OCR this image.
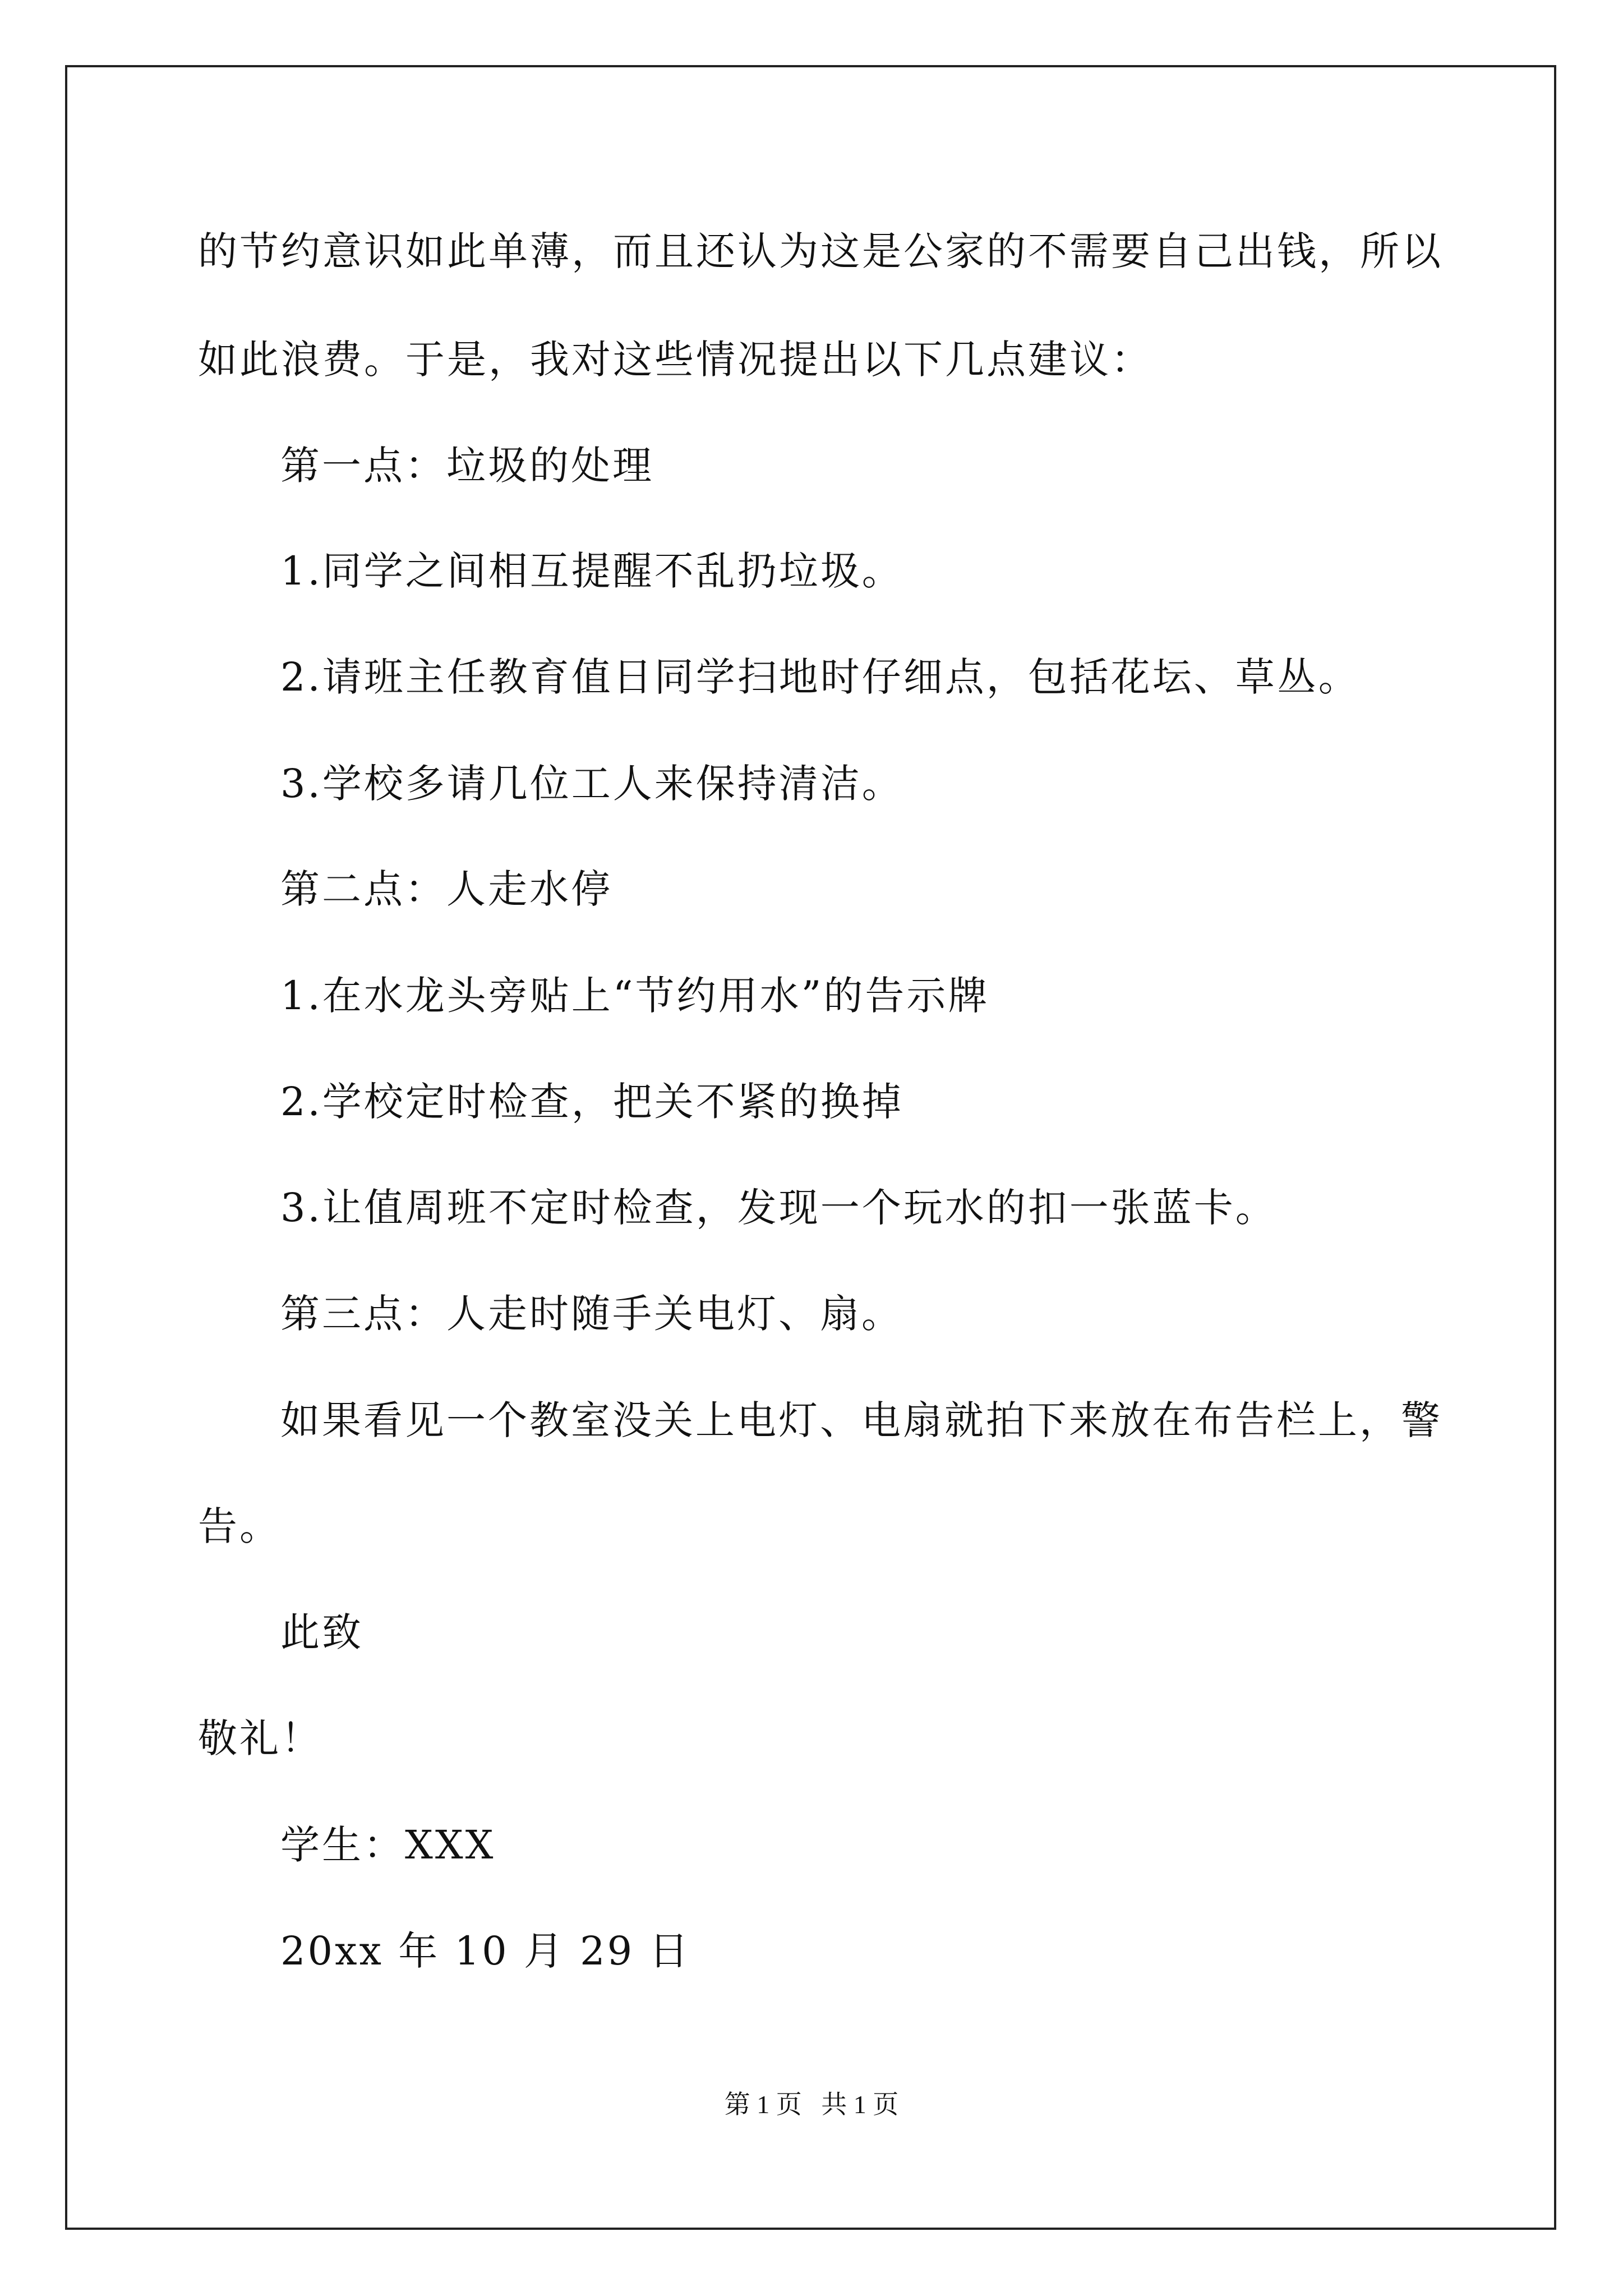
的节约意识如此单薄，而且还认为这是公家的不需要自己出钱，所以
如此浪费。于是，我对这些情况提出以下几点建议：
第一点：垃圾的处理
1.同学之间相互提醒不乱扔垃圾。
2.请班主任教育值日同学扫地时仔细点，包括花坛、草丛。
3.学校多请几位工人来保持清洁。
第二点：人走水停
1.在水龙头旁贴上“节约用水”的告示牌
2.学校定时检查，把关不紧的换掉
3.让值周班不定时检查，发现一个玩水的扣一张蓝卡。
第三点：人走时随手关电灯、扇。
如果看见一个教室没关上电灯、电扇就拍下来放在布告栏上，警
告。
此致
敬礼！
学生：XXX
20xx 年 10 月 29 日
第 1 页   共 1 页
